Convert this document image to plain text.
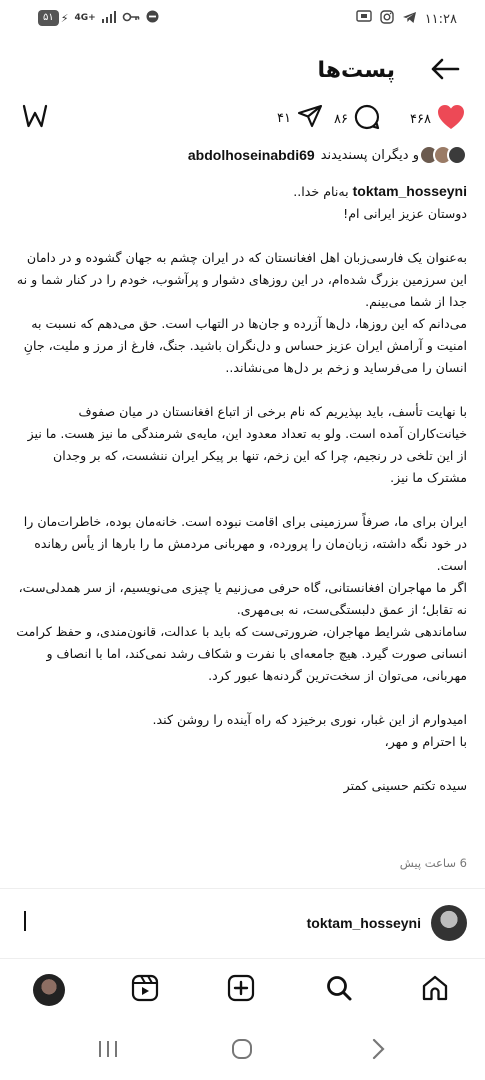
۵۱ ⚡ 4G+	۱۱:۲۸
پست‌ها
۴۶۸
۸۶
۴۱
و دیگران پسندیدند
abdolhoseinabdi69

toktam_hosseyni به‌نام خدا..

دوستان عزیز ایرانی ام!

به‌عنوان یک فارسی‌زبان اهل افغانستان که در ایران چشم به جهان گشوده و در دامان این سرزمین بزرگ شده‌ام، در این روزهای دشوار و پرآشوب، خودم را در کنار شما و نه جدا از شما می‌بینم.

می‌دانم که این روزها، دل‌ها آزرده و جان‌ها در التهاب است. حق می‌دهم که نسبت به امنیت و آرامش ایران عزیز حساس و دل‌نگران باشید. جنگ، فارغ از مرز و ملیت، جانِ انسان را می‌فرساید و زخم بر دل‌ها می‌نشاند..

با نهایت تأسف، باید بپذیریم که نام برخی از اتباع افغانستان در میان صفوف خیانت‌کاران آمده است. ولو به تعداد معدود این، مایه‌ی شرمندگی ما نیز هست. ما نیز از این تلخی در رنجیم، چرا که این زخم، تنها بر پیکر ایران ننشست، که بر وجدان مشترک ما نیز.

ایران برای ما، صرفاً سرزمینی برای اقامت نبوده است. خانه‌مان بوده، خاطرات‌مان را در خود نگه داشته، زبان‌مان را پرورده، و مهربانی مردمش ما را بارها از یأس رهانده است.

اگر ما مهاجران افغانستانی، گاه حرفی می‌زنیم یا چیزی می‌نویسیم، از سر همدلی‌ست، نه تقابل؛ از عمق دلبستگی‌ست، نه بی‌مهری.

ساماندهی شرایط مهاجران، ضرورتی‌ست که باید با عدالت، قانون‌مندی، و حفظ کرامت انسانی صورت گیرد. هیچ جامعه‌ای با نفرت و شکاف رشد نمی‌کند، اما با انصاف و مهربانی، می‌توان از سخت‌ترین گردنه‌ها عبور کرد.

امیدوارم از این غبار، نوری برخیزد که راه آینده را روشن کند.

با احترام و مهر،

سیده تکتم حسینی کمتر

6 ساعت پیش
toktam_hosseyni
